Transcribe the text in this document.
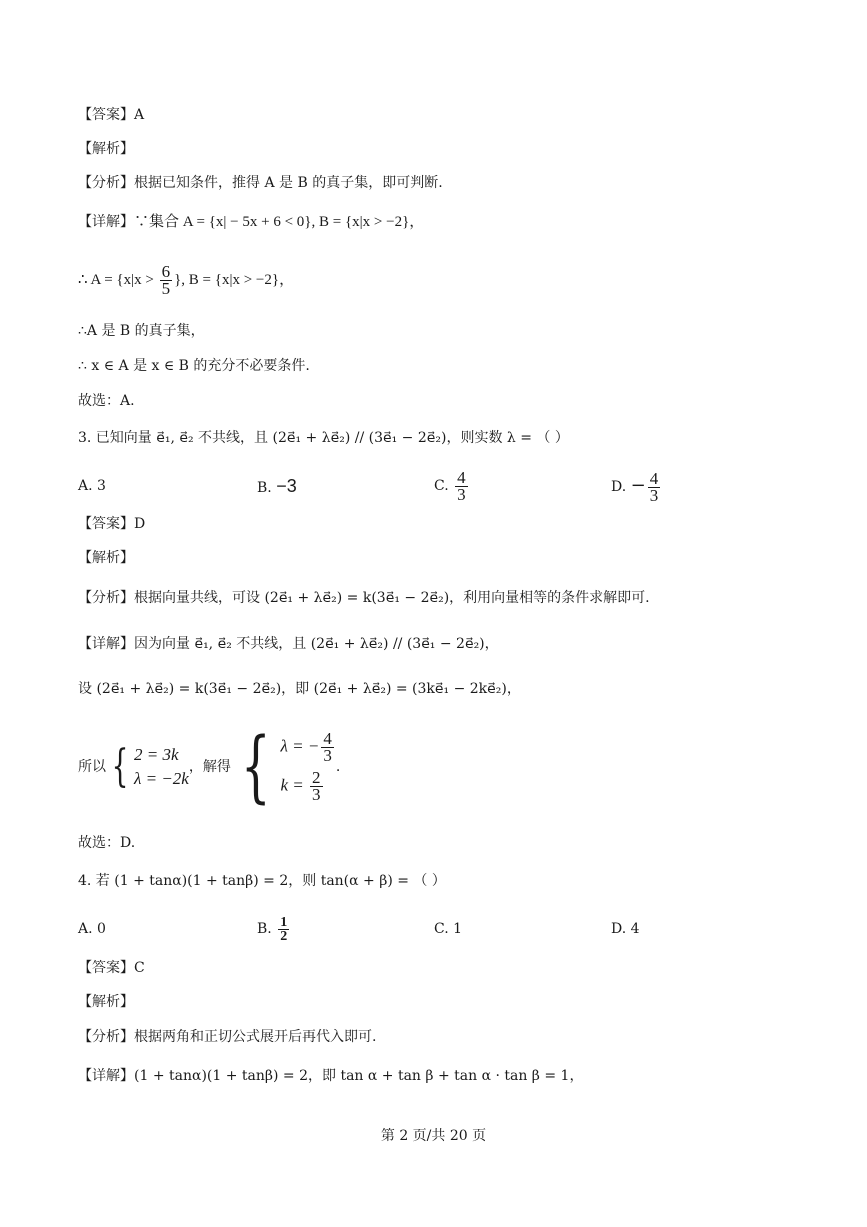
【答案】A
【解析】
【分析】根据已知条件，推得 A 是 B 的真子集，即可判断.
【详解】∵集合 A = {x| − 5x + 6 < 0}, B = {x|x > −2}，
∴ $A = \{x|x > \frac{6}{5}$ }, B = {x|x > −2}，
∴A 是 B 的真子集，
∴ x ∈ A 是 x ∈ B 的充分不必要条件.
故选：A.
3. 已知向量 e⃗₁, e⃗₂ 不共线，且 (2e⃗₁ + λe⃗₂) // (3e⃗₁ − 2e⃗₂)，则实数 λ = （ ）
A. 3	B. −3	C. $\frac{4}{3}$	D. − $\frac{4}{3}$
【答案】D
【解析】
【分析】根据向量共线，可设 (2e⃗₁ + λe⃗₂) = k(3e⃗₁ − 2e⃗₂)，利用向量相等的条件求解即可.
【详解】因为向量 e⃗₁, e⃗₂ 不共线，且 (2e⃗₁ + λe⃗₂) // (3e⃗₁ − 2e⃗₂)，
设 (2e⃗₁ + λe⃗₂) = k(3e⃗₁ − 2e⃗₂)，即 (2e⃗₁ + λe⃗₂) = (3ke⃗₁ − 2ke⃗₂)，
所以 { 2 = 3k
λ = −2k
，解得 { λ = − $\frac{4}{3}$
$k = \frac{2}{3}$
.
故选：D.
4. 若 (1 + tanα)(1 + tanβ) = 2，则 tan(α + β) = （ ）
A. 0	B. $\frac{1}{2}$	C. 1	D. 4
【答案】C
【解析】
【分析】根据两角和正切公式展开后再代入即可.
【详解】(1 + tanα)(1 + tanβ) = 2，即 tan α + tan β + tan α · tan β = 1，
第 2 页/共 20 页
